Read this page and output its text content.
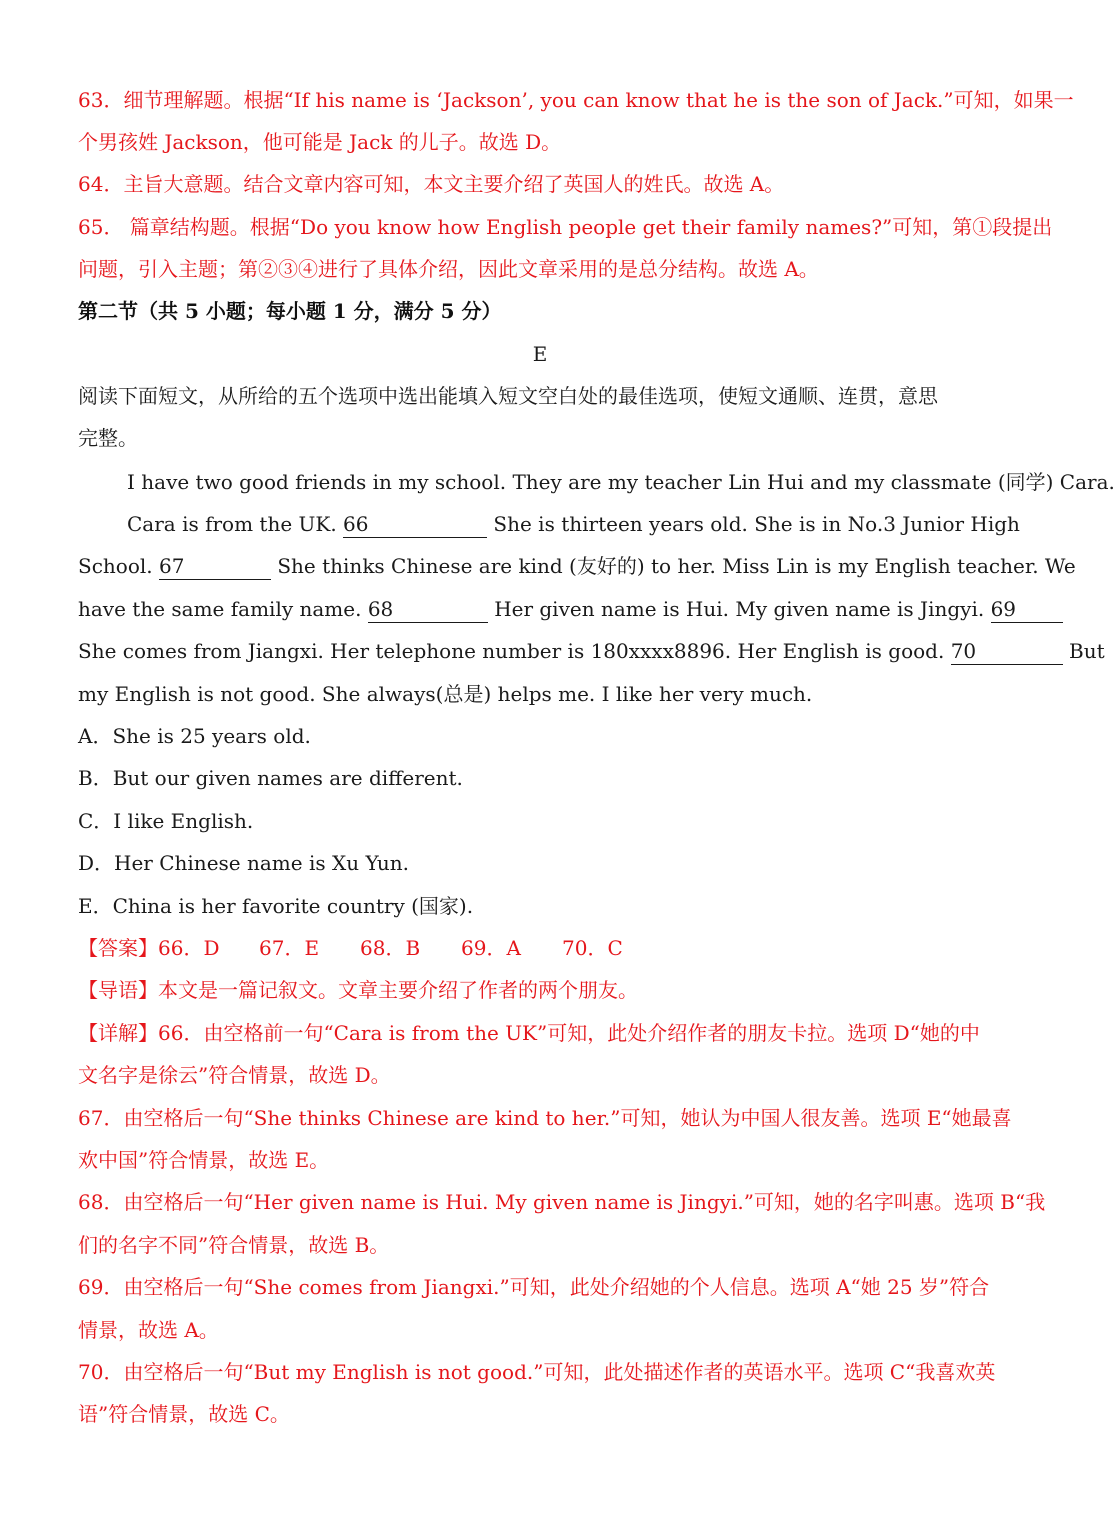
63．细节理解题。根据“If his name is ‘Jackson’, you can know that he is the son of Jack.”可知，如果一
个男孩姓 Jackson，他可能是 Jack 的儿子。故选 D。
64．主旨大意题。结合文章内容可知，本文主要介绍了英国人的姓氏。故选 A。
65． 篇章结构题。根据“Do you know how English people get their family names?”可知，第①段提出
问题，引入主题；第②③④进行了具体介绍，因此文章采用的是总分结构。故选 A。
第二节（共 5 小题；每小题 1 分，满分 5 分）
E
阅读下面短文，从所给的五个选项中选出能填入短文空白处的最佳选项，使短文通顺、连贯，意思
完整。
I have two good friends in my school. They are my teacher Lin Hui and my classmate (同学) Cara.
Cara is from the UK. 66	She is thirteen years old. She is in No.3 Junior High
School. 67	She thinks Chinese are kind (友好的) to her. Miss Lin is my English teacher. We
have the same family name. 68	Her given name is Hui. My given name is Jingyi. 69
She comes from Jiangxi. Her telephone number is 180xxxx8896. Her English is good. 70	But
my English is not good. She always(总是) helps me. I like her very much.
A．She is 25 years old.
B．But our given names are different.
C．I like English.
D．Her Chinese name is Xu Yun.
E．China is her favorite country (国家).
【答案】66．D 67．E 68．B 69．A 70．C
【导语】本文是一篇记叙文。文章主要介绍了作者的两个朋友。
【详解】66．由空格前一句“Cara is from the UK”可知，此处介绍作者的朋友卡拉。选项 D“她的中
文名字是徐云”符合情景，故选 D。
67．由空格后一句“She thinks Chinese are kind to her.”可知，她认为中国人很友善。选项 E“她最喜
欢中国”符合情景，故选 E。
68．由空格后一句“Her given name is Hui. My given name is Jingyi.”可知，她的名字叫惠。选项 B“我
们的名字不同”符合情景，故选 B。
69．由空格后一句“She comes from Jiangxi.”可知，此处介绍她的个人信息。选项 A“她 25 岁”符合
情景，故选 A。
70．由空格后一句“But my English is not good.”可知，此处描述作者的英语水平。选项 C“我喜欢英
语”符合情景，故选 C。
